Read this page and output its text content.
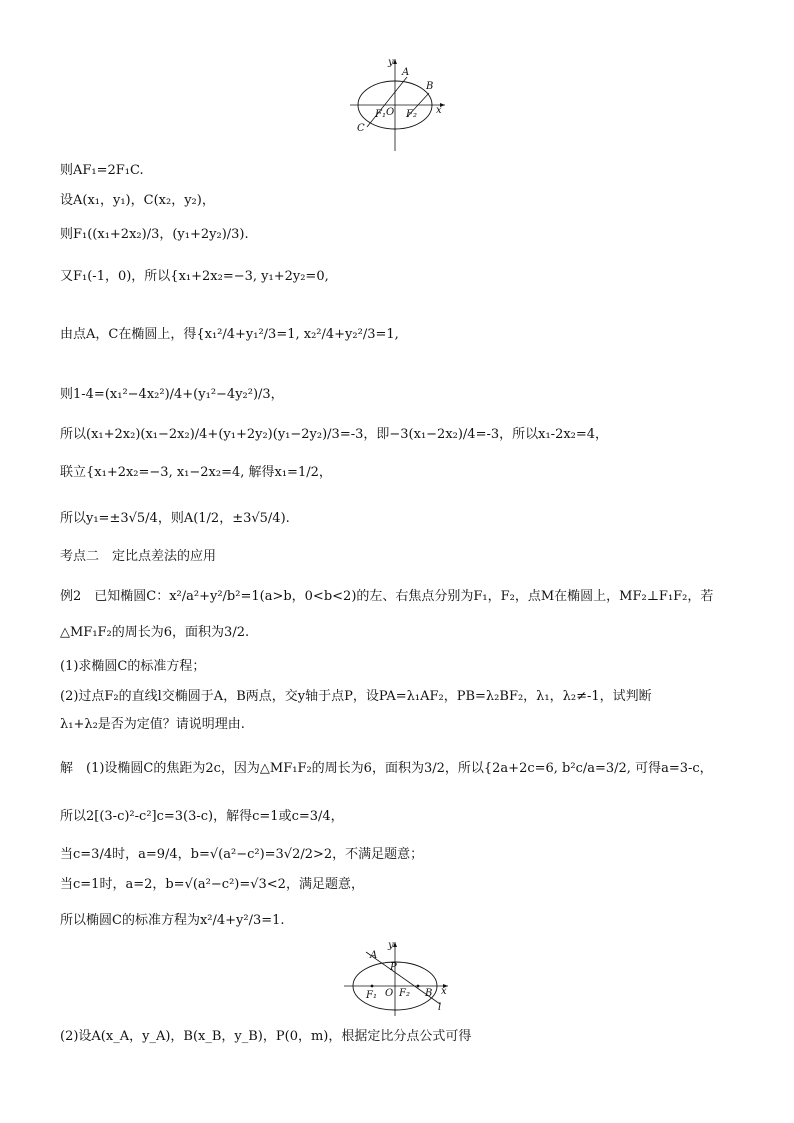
y
x
A
B
C
F₁ O F₂
则AF₁=2F₁C.
设A(x₁，y₁)，C(x₂，y₂)，
则F₁((x₁+2x₂)/3，(y₁+2y₂)/3).
又F₁(-1，0)，所以{x₁+2x₂=−3, y₁+2y₂=0,
由点A，C在椭圆上，得{x₁²/4+y₁²/3=1, x₂²/4+y₂²/3=1,
则1-4=(x₁²−4x₂²)/4+(y₁²−4y₂²)/3，
所以(x₁+2x₂)(x₁−2x₂)/4+(y₁+2y₂)(y₁−2y₂)/3=-3，即−3(x₁−2x₂)/4=-3，所以x₁-2x₂=4，
联立{x₁+2x₂=−3, x₁−2x₂=4, 解得x₁=1/2，
所以y₁=±3√5/4，则A(1/2，±3√5/4).
考点二　定比点差法的应用
例2　已知椭圆C：x²/a²+y²/b²=1(a>b，0<b<2)的左、右焦点分别为F₁，F₂，点M在椭圆上，MF₂⊥F₁F₂，若
△MF₁F₂的周长为6，面积为3/2.
(1)求椭圆C的标准方程；
(2)过点F₂的直线l交椭圆于A，B两点，交y轴于点P，设PA=λ₁AF₂，PB=λ₂BF₂，λ₁，λ₂≠-1，试判断
λ₁+λ₂是否为定值？请说明理由.
解　(1)设椭圆C的焦距为2c，因为△MF₁F₂的周长为6，面积为3/2，所以{2a+2c=6, b²c/a=3/2, 可得a=3-c，
所以2[(3-c)²-c²]c=3(3-c)，解得c=1或c=3/4，
当c=3/4时，a=9/4，b=√(a²−c²)=3√2/2>2，不满足题意；
当c=1时，a=2，b=√(a²−c²)=√3<2，满足题意，
所以椭圆C的标准方程为x²/4+y²/3=1.
y
x
A
P
O
F₁ F₂ B
l
(2)设A(x_A，y_A)，B(x_B，y_B)，P(0，m)，根据定比分点公式可得
